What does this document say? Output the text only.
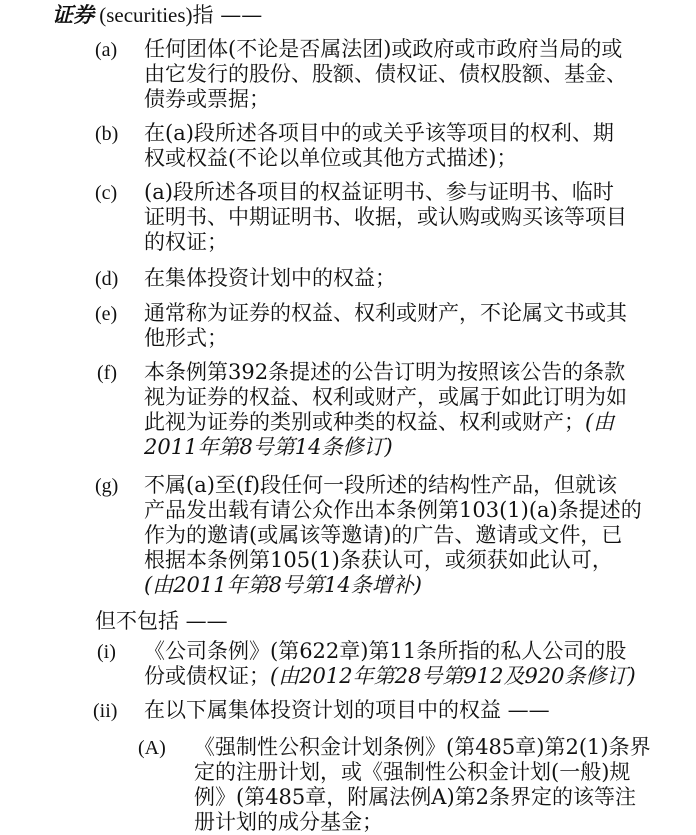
证券 (securities)指 ——
(a) 任何团体(不论是否属法团)或政府或市政府当局的或
由它发行的股份、股额、债权证、债权股额、基金、
债券或票据；
(b) 在(a)段所述各项目中的或关乎该等项目的权利、期
权或权益(不论以单位或其他方式描述)；
(c) (a)段所述各项目的权益证明书、参与证明书、临时
证明书、中期证明书、收据，或认购或购买该等项目
的权证；
(d) 在集体投资计划中的权益；
(e) 通常称为证券的权益、权利或财产，不论属文书或其
他形式；
(f) 本条例第392条提述的公告订明为按照该公告的条款
视为证券的权益、权利或财产，或属于如此订明为如
此视为证券的类别或种类的权益、权利或财产；(由
2011年第8号第14条修订)
(g) 不属(a)至(f)段任何一段所述的结构性产品，但就该
产品发出载有请公众作出本条例第103(1)(a)条提述的
作为的邀请(或属该等邀请)的广告、邀请或文件，已
根据本条例第105(1)条获认可，或须获如此认可，
(由2011年第8号第14条增补)
但不包括 ——
(i) 《公司条例》(第622章)第11条所指的私人公司的股
份或债权证；(由2012年第28号第912及920条修订)
(ii) 在以下属集体投资计划的项目中的权益 ——
(A) 《强制性公积金计划条例》(第485章)第2(1)条界
定的注册计划，或《强制性公积金计划(一般)规
例》(第485章，附属法例A)第2条界定的该等注
册计划的成分基金；
